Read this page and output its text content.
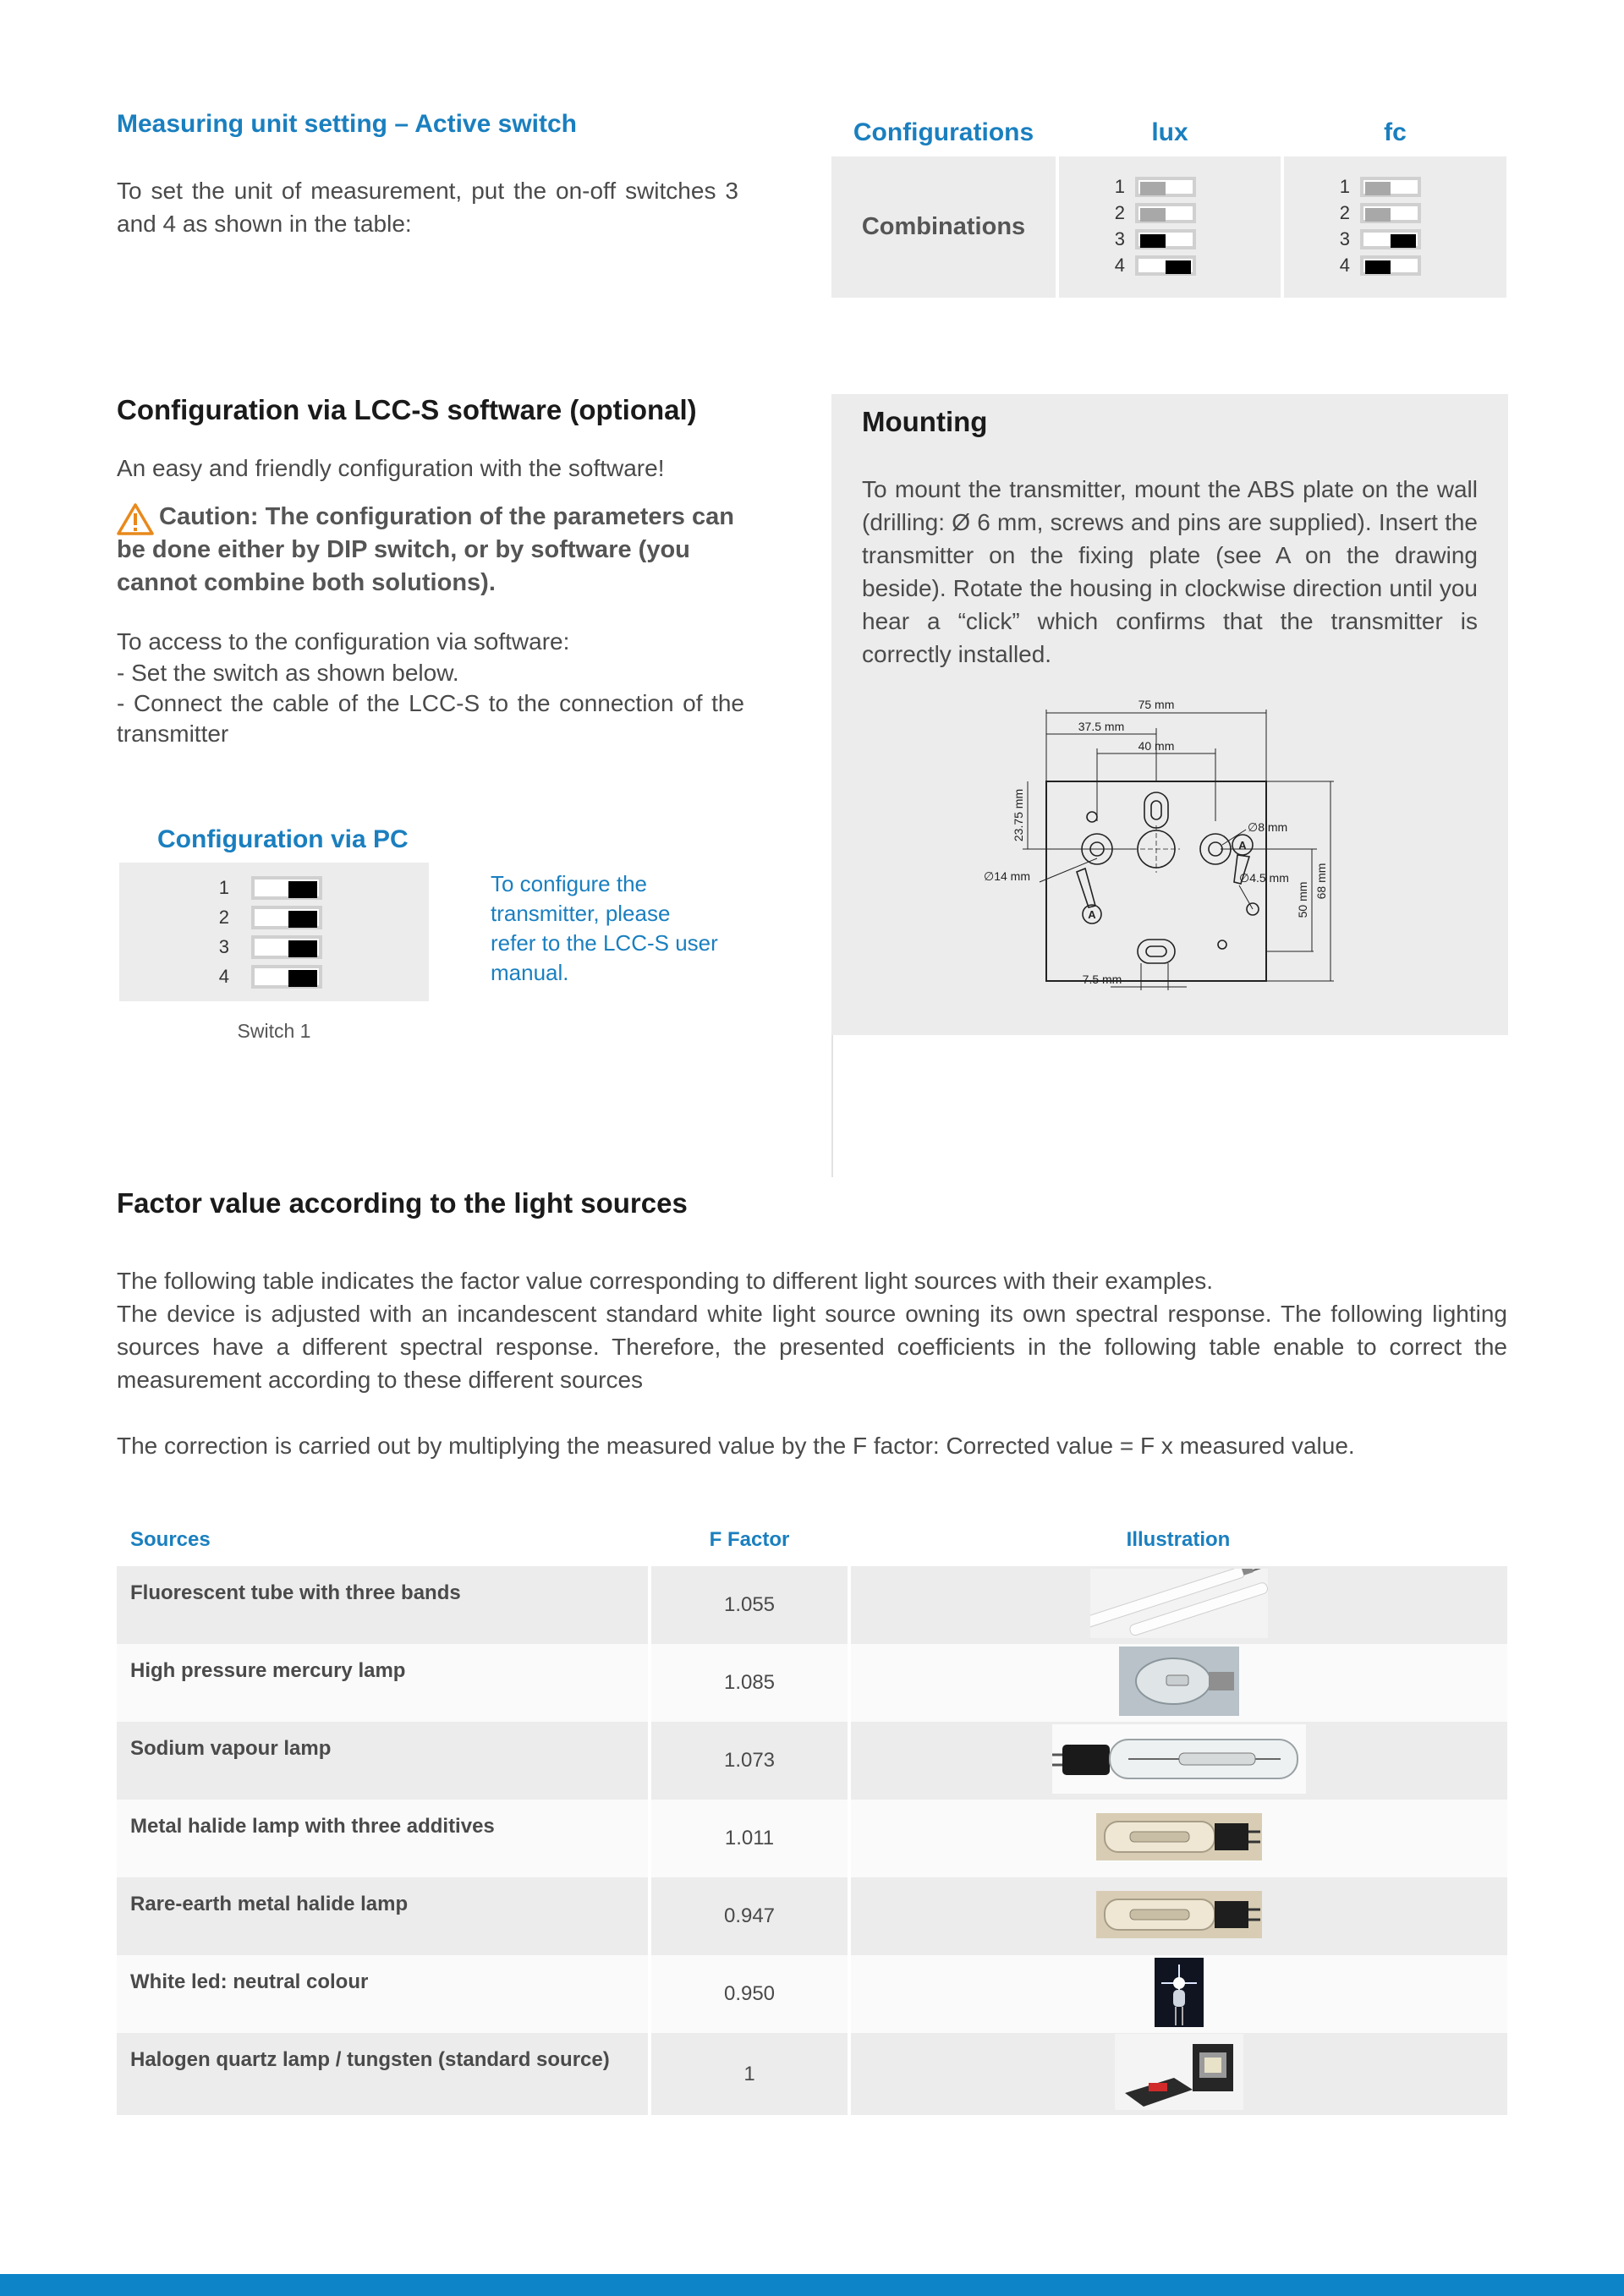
Measuring unit setting – Active switch
To set the unit of measurement, put the on-off switches 3 and 4 as shown in the table:
Configurations	lux	fc
Combinations
1
2
3
4
1
2
3
4
Configuration via LCC-S software (optional)
An easy and friendly configuration with the software!
Caution: The configuration of the parameters can be done either by DIP switch, or by software (you cannot combine both solutions).
To access to the configuration via software:
- Set the switch as shown below.
- Connect the cable of the LCC-S to the connection of the transmitter
Configuration via PC
1
2
3
4
Switch 1
To configure the
transmitter, please
refer to the LCC-S user
manual.
Mounting
To mount the transmitter, mount the ABS plate on the wall (drilling: Ø 6 mm, screws and pins are supplied). Insert the transmitter on the fixing plate (see A on the drawing beside). Rotate the housing in clockwise direction until you hear a “click” which confirms that the transmitter is correctly installed.
75 mm
37.5 mm
40 mm
23.75 mm
A
A
7.5 mm
50 mm
68 mm
∅8 mm
∅4.5 mm
∅14 mm
Factor value according to the light sources
The following table indicates the factor value corresponding to different light sources with their examples.
The device is adjusted with an incandescent standard white light source owning its own spectral response. The following lighting sources have a different spectral response. Therefore, the presented coefficients in the following table enable to correct the measurement according to these different sources
The correction is carried out by multiplying the measured value by the F factor: Corrected value = F x measured value.
Sources	F Factor	Illustration
Fluorescent tube with three bands	1.055	
High pressure mercury lamp	1.085	
Sodium vapour lamp	1.073	
Metal halide lamp with three additives	1.011	
Rare-earth metal halide lamp	0.947	
White led: neutral colour	0.950	
Halogen quartz lamp / tungsten (standard source)	1	
